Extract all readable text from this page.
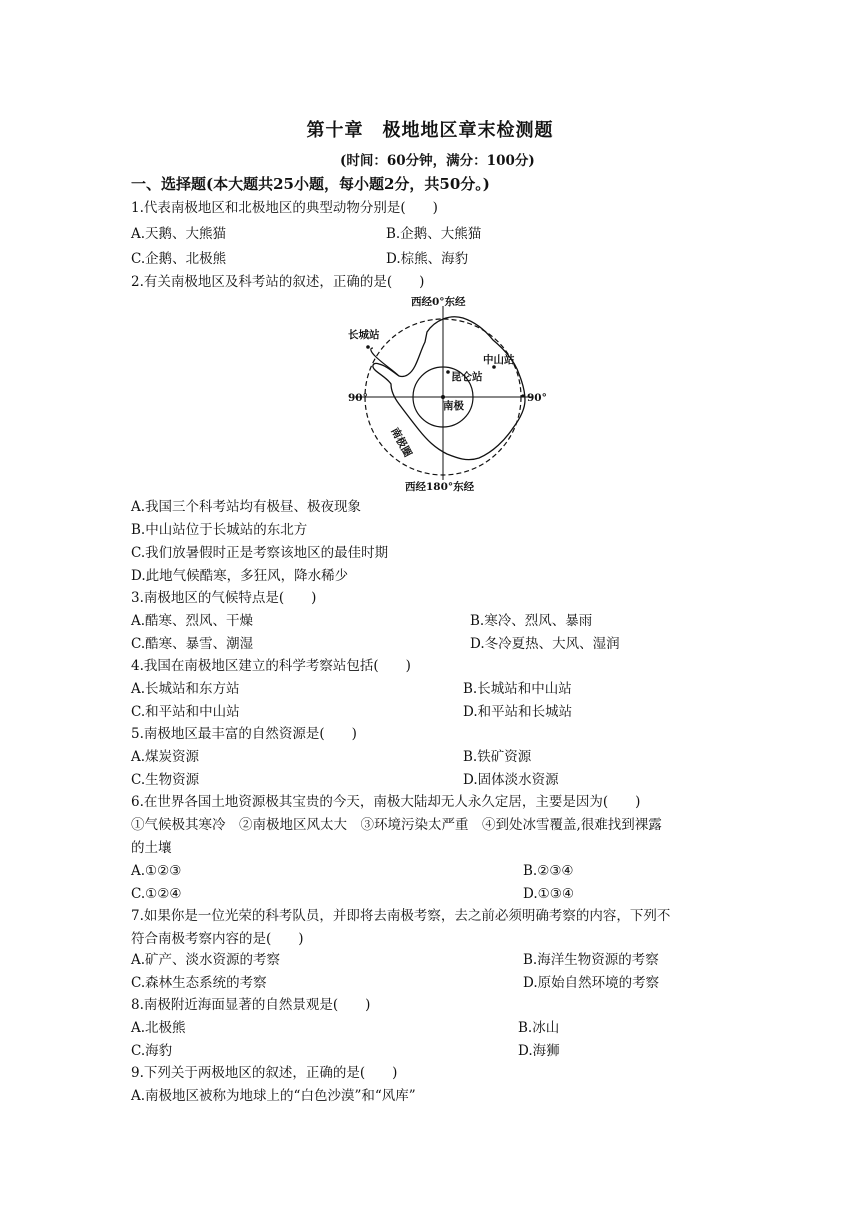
第十章　极地地区章末检测题
(时间：60分钟，满分：100分)
一、选择题(本大题共25小题，每小题2分，共50分。)
1.代表南极地区和北极地区的典型动物分别是(　　)
A.天鹅、大熊猫	B.企鹅、大熊猫
C.企鹅、北极熊	D.棕熊、海豹
2.有关南极地区及科考站的叙述，正确的是(　　)
西经0°东经
西经180°东经
90°	90°
长城站
中山站
昆仑站
南极
南极圈
A.我国三个科考站均有极昼、极夜现象
B.中山站位于长城站的东北方
C.我们放暑假时正是考察该地区的最佳时期
D.此地气候酷寒，多狂风，降水稀少
3.南极地区的气候特点是(　　)
A.酷寒、烈风、干燥	B.寒冷、烈风、暴雨
C.酷寒、暴雪、潮湿	D.冬冷夏热、大风、湿润
4.我国在南极地区建立的科学考察站包括(　　)
A.长城站和东方站	B.长城站和中山站
C.和平站和中山站	D.和平站和长城站
5.南极地区最丰富的自然资源是(　　)
A.煤炭资源	B.铁矿资源
C.生物资源	D.固体淡水资源
6.在世界各国土地资源极其宝贵的今天，南极大陆却无人永久定居，主要是因为(　　)
①气候极其寒冷　②南极地区风太大　③环境污染太严重　④到处冰雪覆盖,很难找到裸露
的土壤
A.①②③	B.②③④
C.①②④	D.①③④
7.如果你是一位光荣的科考队员，并即将去南极考察，去之前必须明确考察的内容，下列不
符合南极考察内容的是(　　)
A.矿产、淡水资源的考察	B.海洋生物资源的考察
C.森林生态系统的考察	D.原始自然环境的考察
8.南极附近海面显著的自然景观是(　　)
A.北极熊	B.冰山
C.海豹	D.海狮
9.下列关于两极地区的叙述，正确的是(　　)
A.南极地区被称为地球上的“白色沙漠”和“风库”
